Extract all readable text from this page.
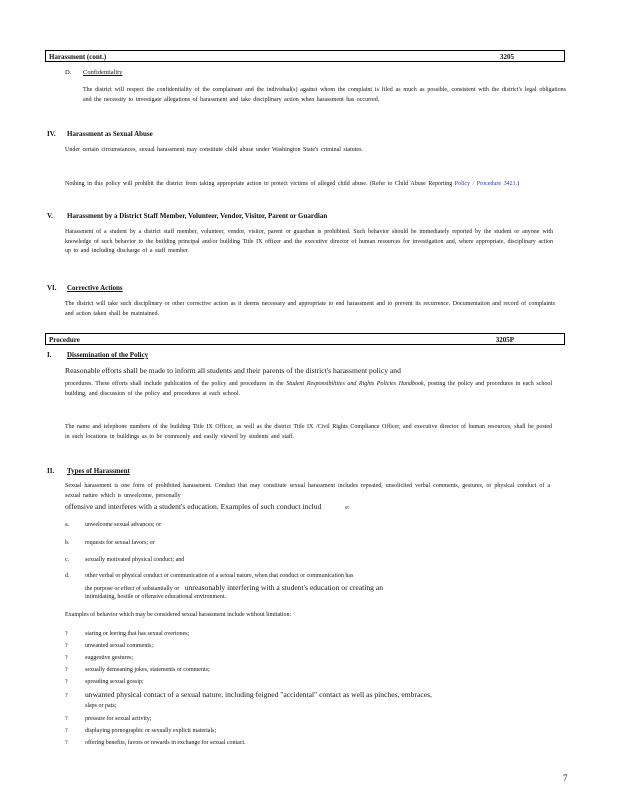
Harassment (cont.)	3205
D. Confidentiality
The district will respect the confidentiality of the complainant and the individual(s) against whom the complaint is filed as much as possible, consistent with the district's legal obligations and the necessity to investigate allegations of harassment and take disciplinary action when harassment has occurred.
IV. Harassment as Sexual Abuse
Under certain circumstances, sexual harassment may constitute child abuse under Washington State's criminal statutes.
Nothing in this policy will prohibit the district from taking appropriate action to protect victims of alleged child abuse. (Refer to Child Abuse Reporting Policy / Procedure 3421.)
V. Harassment by a District Staff Member, Volunteer, Vendor, Visitor, Parent or Guardian
Harassment of a student by a district staff member, volunteer, vendor, visitor, parent or guardian is prohibited. Such behavior should be immediately reported by the student or anyone with knowledge of such behavior to the building principal and/or building Title IX officer and the executive director of human resources for investigation and, where appropriate, disciplinary action up to and including discharge of a staff member.
VI. Corrective Actions
The district will take such disciplinary or other corrective action as it deems necessary and appropriate to end harassment and to prevent its recurrence. Documentation and record of complaints and action taken shall be maintained.
Procedure	3205P
I. Dissemination of the Policy
Reasonable efforts shall be made to inform all students and their parents of the district's harassment policy and
procedures. These efforts shall include publication of the policy and procedures in the Student Responsibilities and Rights Policies Handbook, posting the policy and procedures in each school building, and discussion of the policy and procedures at each school.
The name and telephone numbers of the building Title IX Officer, as well as the district Title IX /Civil Rights Compliance Officer, and executive director of human resources, shall be posted in such locations in buildings as to be commonly and easily viewed by students and staff.
II. Types of Harassment
Sexual harassment is one form of prohibited harassment. Conduct that may constitute sexual harassment includes repeated, unsolicited verbal comments, gestures, or physical conduct of a sexual nature which is unwelcome, personally
offensive and interferes with a student's education. Examples of such conduct includ	e:
a.	unwelcome sexual advances; or
b.	requests for sexual favors; or
c.	sexually motivated physical conduct; and
d.	other verbal or physical conduct or communication of a sexual nature, when that conduct or communication has
the purpose or effect of substantially or unreasonably interfering with a student's education or creating an
intimidating, hostile or offensive educational environment.
Examples of behavior which may be considered sexual harassment include without limitation:
?	staring or leering that has sexual overtones;
?	unwanted sexual comments;
?	suggestive gestures;
?	sexually demeaning jokes, statements or comments;
?	spreading sexual gossip;
? unwanted physical contact of a sexual nature, including feigned "accidental" contact as well as pinches, embraces,
slaps or pats;
?	pressure for sexual activity;
?	displaying pornographic or sexually explicit materials;
?	offering benefits, favors or rewards in exchange for sexual contact.
7
